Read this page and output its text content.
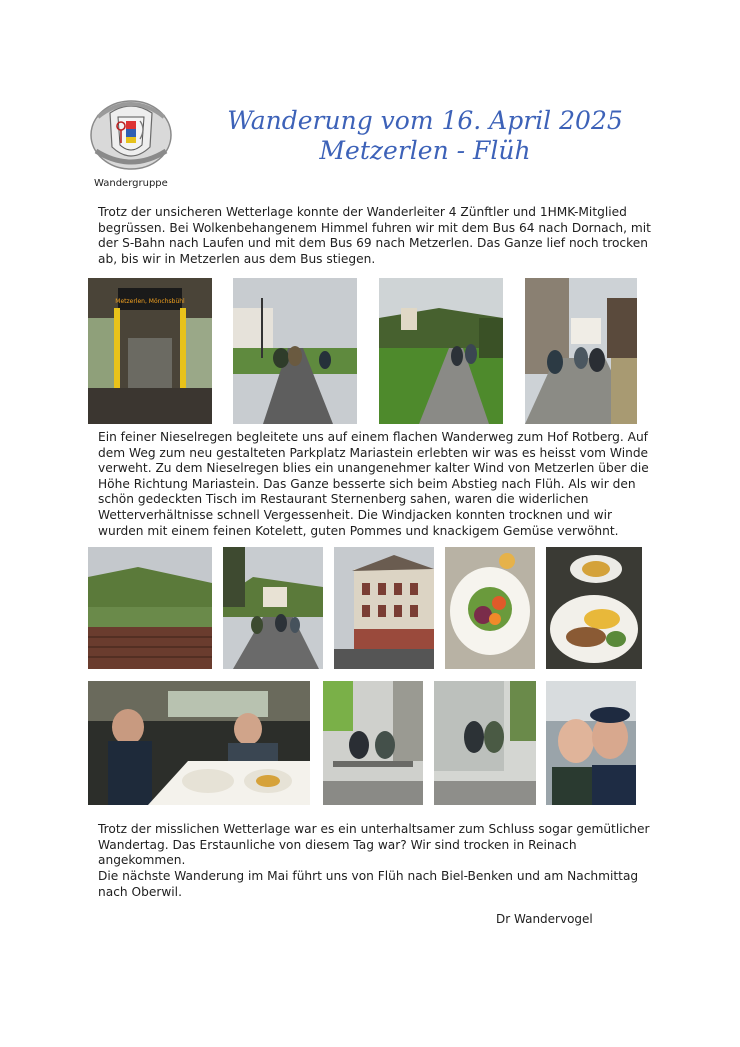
Wandergruppe
Wanderung vom 16. April 2025
Metzerlen - Flüh
Trotz der unsicheren Wetterlage konnte der Wanderleiter 4 Zünftler und 1HMK-Mitglied begrüssen. Bei Wolkenbehangenem Himmel fuhren wir mit dem Bus 64 nach Dornach, mit der S-Bahn nach Laufen und mit dem Bus 69 nach Metzerlen. Das Ganze lief noch trocken ab, bis wir in Metzerlen aus dem Bus stiegen.
Metzerlen, Mönchsbühl
Ein feiner Nieselregen begleitete uns auf einem flachen Wanderweg zum Hof Rotberg. Auf dem Weg zum neu gestalteten Parkplatz Mariastein erlebten wir was es heisst vom Winde verweht. Zu dem Nieselregen blies ein unangenehmer kalter Wind von Metzerlen über die Höhe Richtung Mariastein. Das Ganze besserte sich beim Abstieg nach Flüh. Als wir den schön gedeckten Tisch im Restaurant Sternenberg sahen, waren die widerlichen Wetterverhältnisse schnell Vergessenheit. Die Windjacken konnten trocknen und wir wurden mit einem feinen Kotelett, guten Pommes und knackigem Gemüse verwöhnt.
Trotz der misslichen Wetterlage war es ein unterhaltsamer zum Schluss sogar gemütlicher Wandertag. Das Erstaunliche von diesem Tag war? Wir sind trocken in Reinach angekommen.
Die nächste Wanderung im Mai führt uns von Flüh nach Biel-Benken und am Nachmittag nach Oberwil.
Dr Wandervogel
